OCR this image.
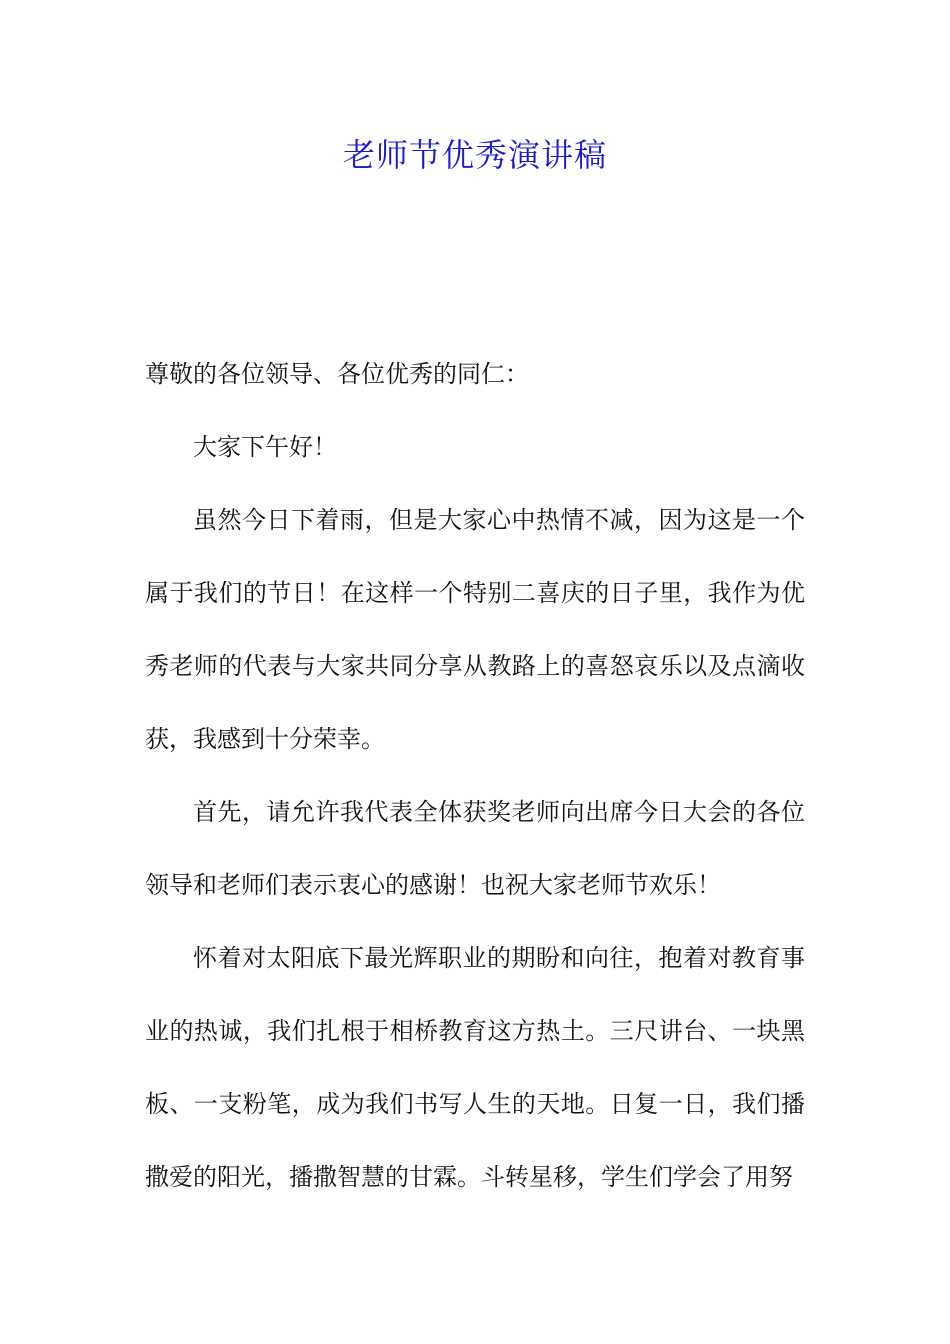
老师节优秀演讲稿

尊敬的各位领导、各位优秀的同仁：

大家下午好！

虽然今日下着雨，但是大家心中热情不减，因为这是一个属于我们的节日！在这样一个特别二喜庆的日子里，我作为优秀老师的代表与大家共同分享从教路上的喜怒哀乐以及点滴收获，我感到十分荣幸。

首先，请允许我代表全体获奖老师向出席今日大会的各位领导和老师们表示衷心的感谢！也祝大家老师节欢乐！

怀着对太阳底下最光辉职业的期盼和向往，抱着对教育事业的热诚，我们扎根于相桥教育这方热土。三尺讲台、一块黑板、一支粉笔，成为我们书写人生的天地。日复一日，我们播撒爱的阳光，播撒智慧的甘霖。斗转星移，学生们学会了用努
